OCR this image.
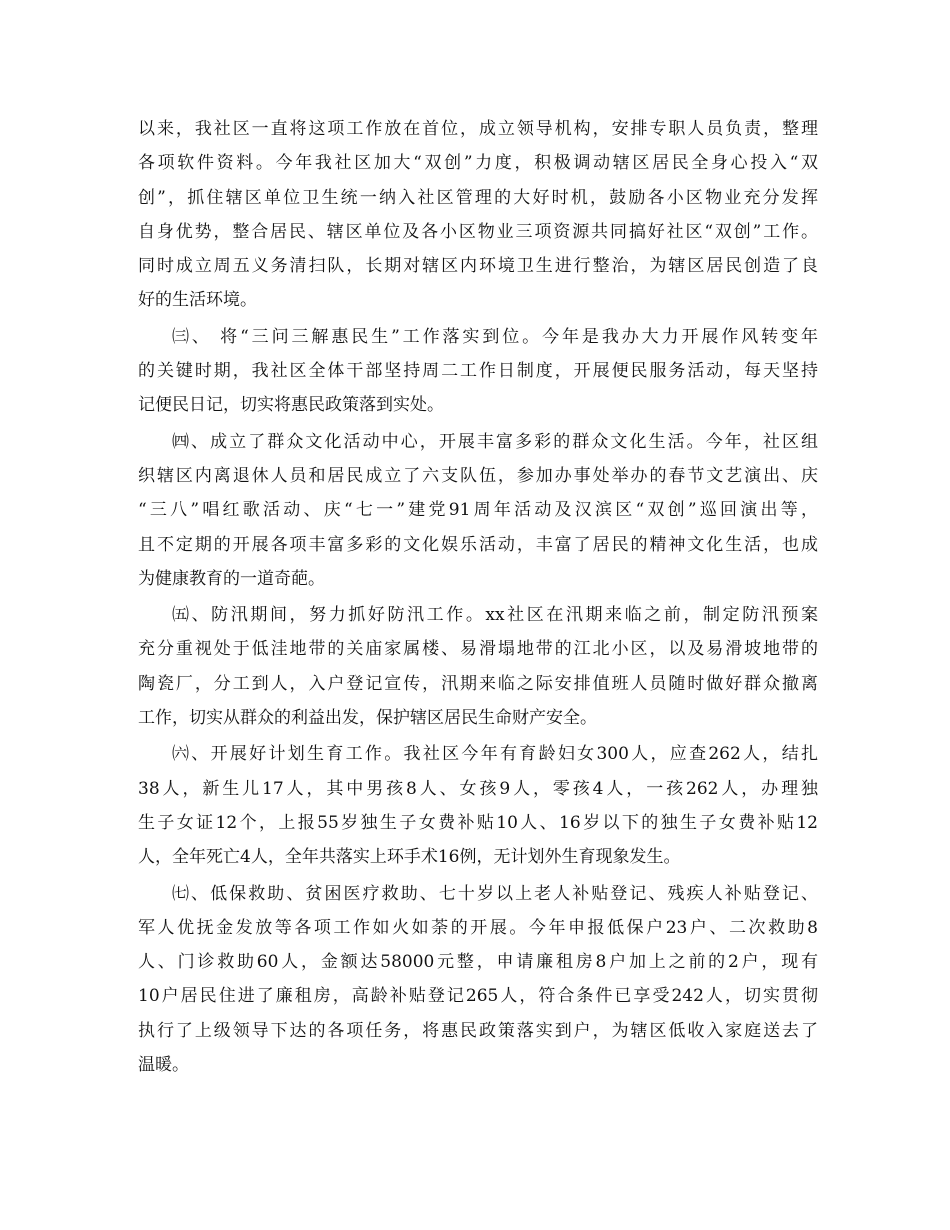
以来，我社区一直将这项工作放在首位，成立领导机构，安排专职人员负责，整理
各项软件资料。今年我社区加大“双创”力度，积极调动辖区居民全身心投入“双
创”，抓住辖区单位卫生统一纳入社区管理的大好时机，鼓励各小区物业充分发挥
自身优势，整合居民、辖区单位及各小区物业三项资源共同搞好社区“双创”工作。
同时成立周五义务清扫队，长期对辖区内环境卫生进行整治，为辖区居民创造了良
好的生活环境。
㈢、 将“三问三解惠民生”工作落实到位。今年是我办大力开展作风转变年
的关键时期，我社区全体干部坚持周二工作日制度，开展便民服务活动，每天坚持
记便民日记，切实将惠民政策落到实处。
㈣、成立了群众文化活动中心，开展丰富多彩的群众文化生活。今年，社区组
织辖区内离退休人员和居民成立了六支队伍，参加办事处举办的春节文艺演出、庆
“三八”唱红歌活动、庆“七一”建党91周年活动及汉滨区“双创”巡回演出等，
且不定期的开展各项丰富多彩的文化娱乐活动，丰富了居民的精神文化生活，也成
为健康教育的一道奇葩。
㈤、防汛期间，努力抓好防汛工作。xx社区在汛期来临之前，制定防汛预案
充分重视处于低洼地带的关庙家属楼、易滑塌地带的江北小区，以及易滑坡地带的
陶瓷厂，分工到人，入户登记宣传，汛期来临之际安排值班人员随时做好群众撤离
工作，切实从群众的利益出发，保护辖区居民生命财产安全。
㈥、开展好计划生育工作。我社区今年有育龄妇女300人，应查262人，结扎
38人，新生儿17人，其中男孩8人、女孩9人，零孩4人，一孩262人，办理独
生子女证12个，上报55岁独生子女费补贴10人、16岁以下的独生子女费补贴12
人，全年死亡4人，全年共落实上环手术16例，无计划外生育现象发生。
㈦、低保救助、贫困医疗救助、七十岁以上老人补贴登记、残疾人补贴登记、
军人优抚金发放等各项工作如火如荼的开展。今年申报低保户23户、二次救助8
人、门诊救助60人，金额达58000元整，申请廉租房8户加上之前的2户，现有
10户居民住进了廉租房，高龄补贴登记265人，符合条件已享受242人，切实贯彻
执行了上级领导下达的各项任务，将惠民政策落实到户，为辖区低收入家庭送去了
温暖。
